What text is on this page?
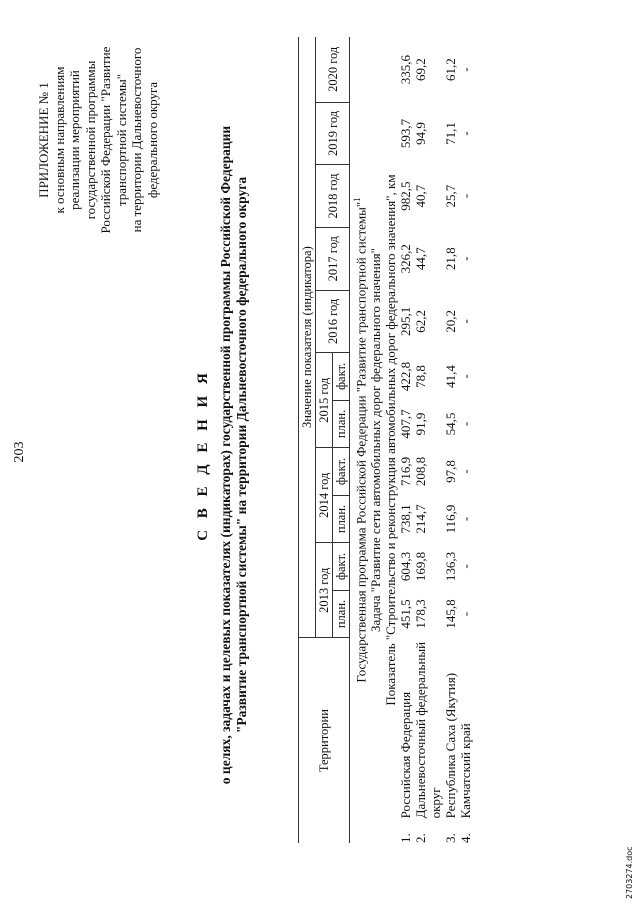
203
ПРИЛОЖЕНИЕ № 1 к основным направлениям реализации мероприятий государственной программы Российской Федерации "Развитие транспортной системы" на территории Дальневосточного федерального округа
С В Е Д Е Н И Я о целях, задачах и целевых показателях (индикаторах) государственной программы Российской Федерации "Развитие транспортной системы" на территории Дальневосточного федерального округа
Территории		Значение показателя (индикатора)										
		2013 год		2014 год		2015 год		2016 год	2017 год	2018 год	2019 год	2020 год
		план.	факт.	план.	факт.	план.	факт.					
Государственная программа Российской Федерации "Развитие транспортной системы"$^1$
Задача "Развитие сети автомобильных дорог федерального значения"												
Показатель "Строительство и реконструкция автомобильных дорог федерального значения", км												
1.	Российская Федерация	451,5	604,3	738,1	716,9	407,7	422,8	295,1	326,2	982,5	593,7	335,6
2.	Дальневосточный федеральный округ	178,3	169,8	214,7	208,8	91,9	78,8	62,2	44,7	40,7	94,9	69,2
3.	Республика Саха (Якутия)	145,8	136,3	116,9	97,8	54,5	41,4	20,2	21,8	25,7	71,1	61,2
4.	Камчатский край	-	-	-	-	-	-	-	-	-	-	-
2703274.doc
